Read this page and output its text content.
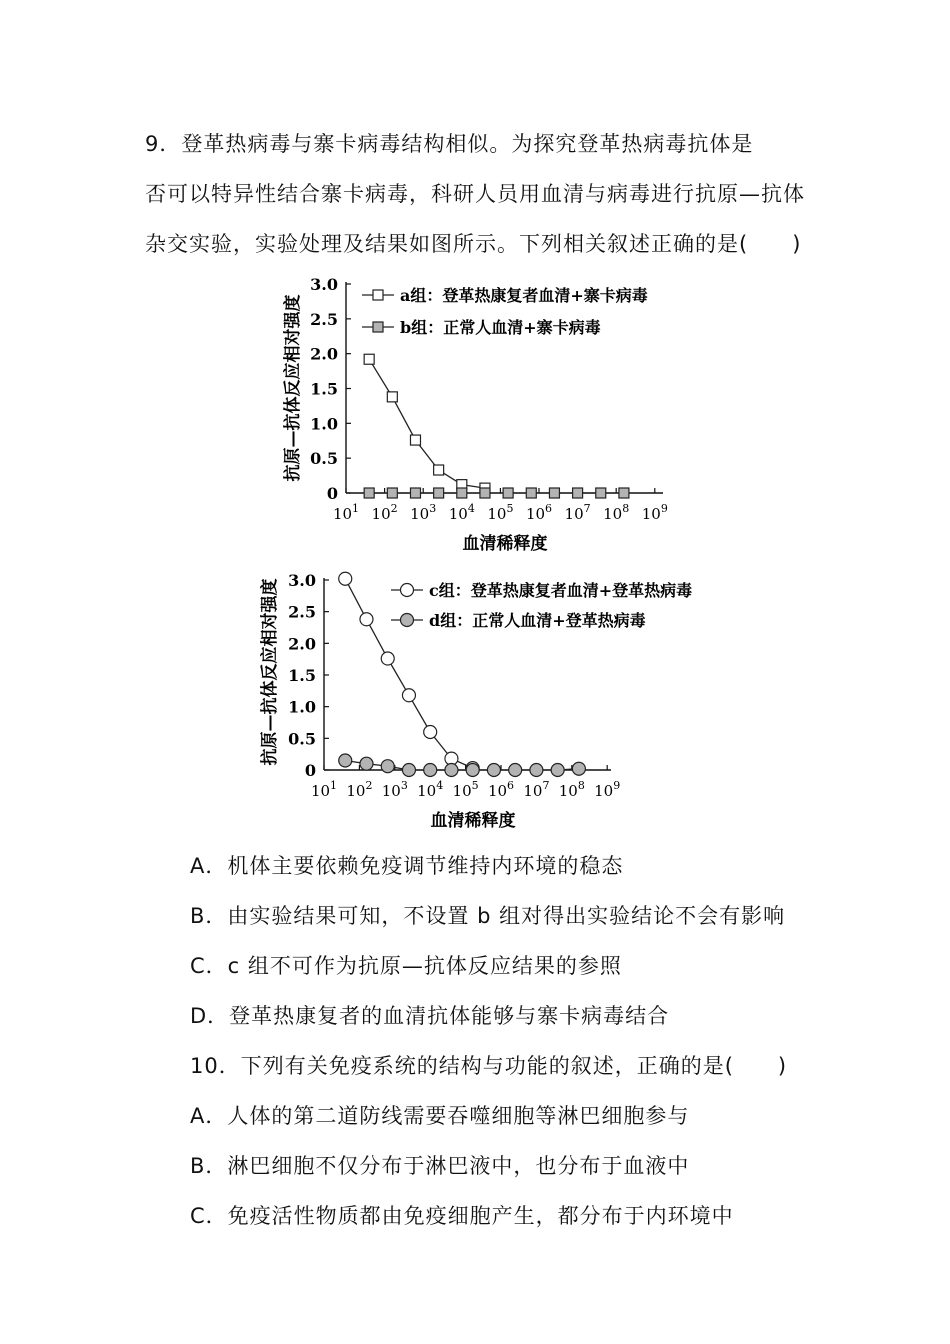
9．登革热病毒与寨卡病毒结构相似。为探究登革热病毒抗体是
否可以特异性结合寨卡病毒，科研人员用血清与病毒进行抗原—抗体
杂交实验，实验处理及结果如图所示。下列相关叙述正确的是(　　)
0
0.5
1.0
1.5
2.0
2.5
3.0
$10^1$ $10^2$ $10^3$ $10^4$ $10^5$ $10^6$ $10^7$ $10^8$ $10^9$
血清稀释度
抗原—抗体反应相对强度	a组：登革热康复者血清+寨卡病毒
b组：正常人血清+寨卡病毒
0
0.5
1.0
1.5
2.0
2.5
3.0
$10^1$ $10^2$ $10^3$ $10^4$ $10^5$ $10^6$ $10^7$ $10^8$ $10^9$
血清稀释度
抗原—抗体反应相对强度	c组：登革热康复者血清+登革热病毒
d组：正常人血清+登革热病毒
A．机体主要依赖免疫调节维持内环境的稳态
B．由实验结果可知，不设置 b 组对得出实验结论不会有影响
C．c 组不可作为抗原—抗体反应结果的参照
D．登革热康复者的血清抗体能够与寨卡病毒结合
10．下列有关免疫系统的结构与功能的叙述，正确的是(　　)
A．人体的第二道防线需要吞噬细胞等淋巴细胞参与
B．淋巴细胞不仅分布于淋巴液中，也分布于血液中
C．免疫活性物质都由免疫细胞产生，都分布于内环境中
